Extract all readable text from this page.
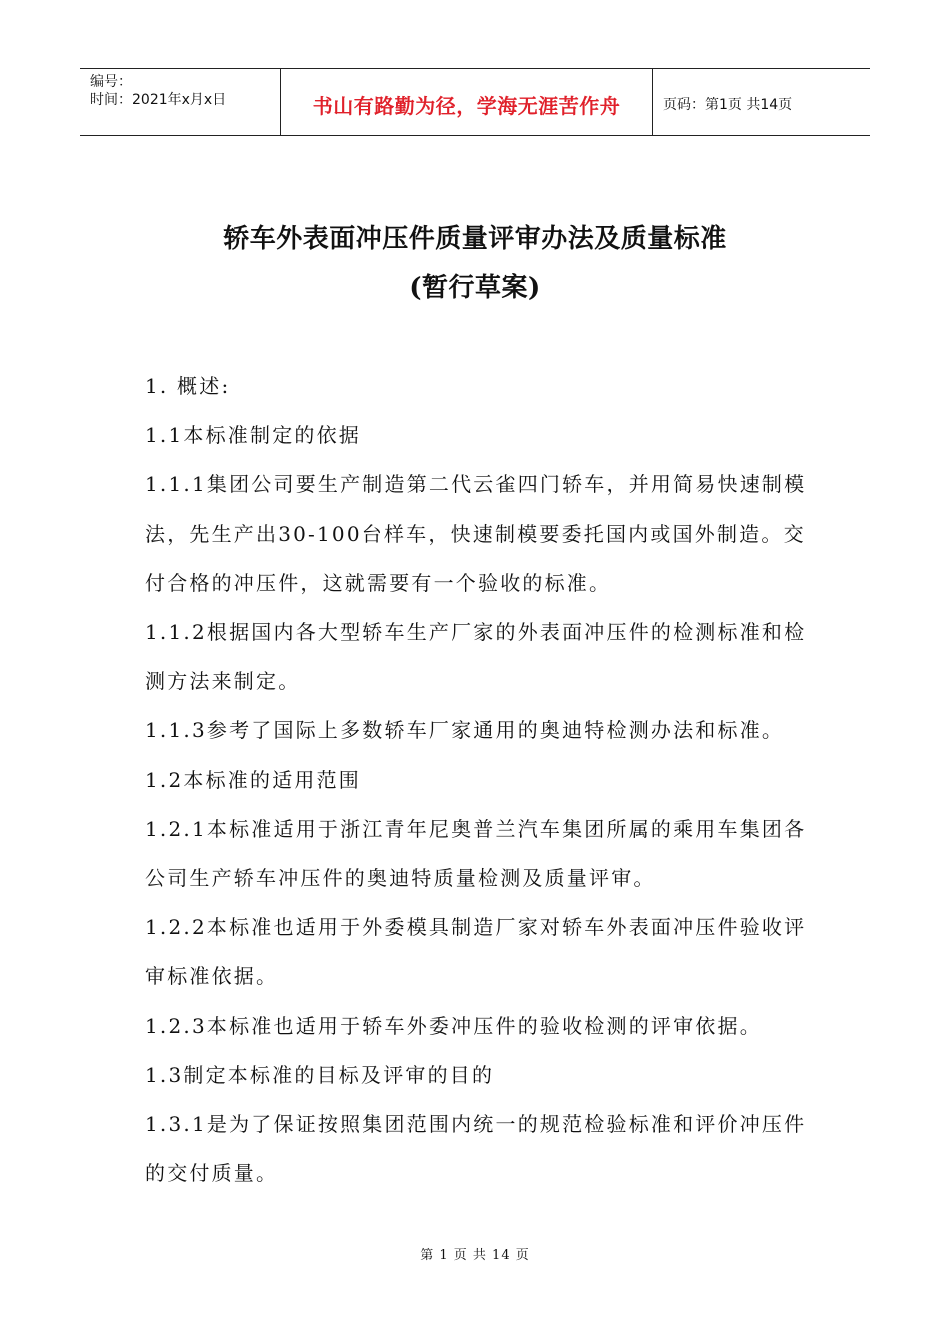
编号：
时间：2021年x月x日	书山有路勤为径，学海无涯苦作舟	页码：第1页 共14页
轿车外表面冲压件质量评审办法及质量标准
(暂行草案)

1. 概述:

1.1本标准制定的依据

1.1.1集团公司要生产制造第二代云雀四门轿车，并用简易快速制模法，先生产出30-100台样车，快速制模要委托国内或国外制造。交付合格的冲压件，这就需要有一个验收的标准。

1.1.2根据国内各大型轿车生产厂家的外表面冲压件的检测标准和检测方法来制定。

1.1.3参考了国际上多数轿车厂家通用的奥迪特检测办法和标准。

1.2本标准的适用范围

1.2.1本标准适用于浙江青年尼奥普兰汽车集团所属的乘用车集团各公司生产轿车冲压件的奥迪特质量检测及质量评审。

1.2.2本标准也适用于外委模具制造厂家对轿车外表面冲压件验收评审标准依据。

1.2.3本标准也适用于轿车外委冲压件的验收检测的评审依据。

1.3制定本标准的目标及评审的目的

1.3.1是为了保证按照集团范围内统一的规范检验标准和评价冲压件的交付质量。

第 1 页 共 14 页
